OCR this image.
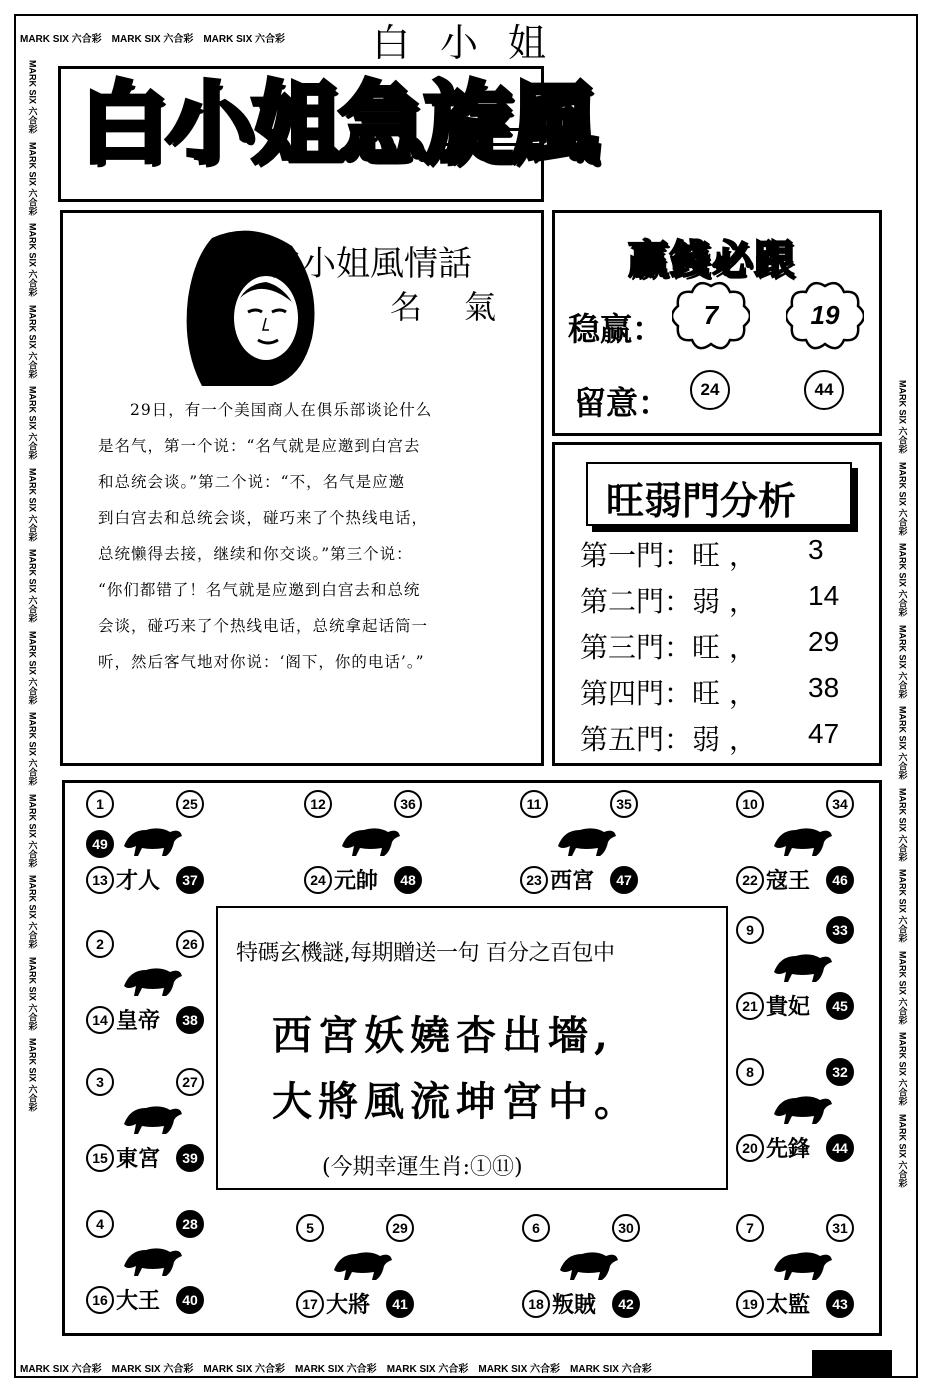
MARK SIX 六合彩 MARK SIX 六合彩 MARK SIX 六合彩
MARK SIX 六合彩 MARK SIX 六合彩 MARK SIX 六合彩 MARK SIX 六合彩 MARK SIX 六合彩 MARK SIX 六合彩 MARK SIX 六合彩
MARK SIX 六合彩
MARK SIX 六合彩
MARK SIX 六合彩
MARK SIX 六合彩
MARK SIX 六合彩
MARK SIX 六合彩
MARK SIX 六合彩
MARK SIX 六合彩
MARK SIX 六合彩
MARK SIX 六合彩
MARK SIX 六合彩
MARK SIX 六合彩
MARK SIX 六合彩
MARK SIX 六合彩
MARK SIX 六合彩
MARK SIX 六合彩
MARK SIX 六合彩
MARK SIX 六合彩
MARK SIX 六合彩
MARK SIX 六合彩
MARK SIX 六合彩
MARK SIX 六合彩
MARK SIX 六合彩
白小姐
白小姐急旋風
白小姐風情話
名氣

29日，有一个美国商人在俱乐部谈论什么

是名气，第一个说：“名气就是应邀到白宫去

和总统会谈。”第二个说：“不，名气是应邀

到白宫去和总统会谈，碰巧来了个热线电话，

总统懒得去接，继续和你交谈。”第三个说：

“你们都错了！名气就是应邀到白宫去和总统

会谈，碰巧来了个热线电话，总统拿起话筒一

听，然后客气地对你说：‘阁下，你的电话’。”

贏錢必跟
稳赢：	7	19
留意：	24	44
旺弱門分析
第一門：旺 ， 3
第二門：弱 ， 14
第三門：旺 ， 29
第四門：旺 ， 38
第五門：弱 ， 47
特碼玄機謎,每期贈送一句 百分之百包中
西宮妖嬈杏出墻,
大將風流坤宮中。
(今期幸運生肖:①⑪)
1	25
49
13 才人	37
12	36
24 元帥	48
11	35
23 西宮	47
10	34
22 寇王	46
2	26
14 皇帝	38
9	33
21 貴妃	45
3	27
15 東宮	39
8	32
20 先鋒	44
4	28
16 大王	40
5	29
17 大將	41
6	30
18 叛賊	42
7	31
19 太監	43
